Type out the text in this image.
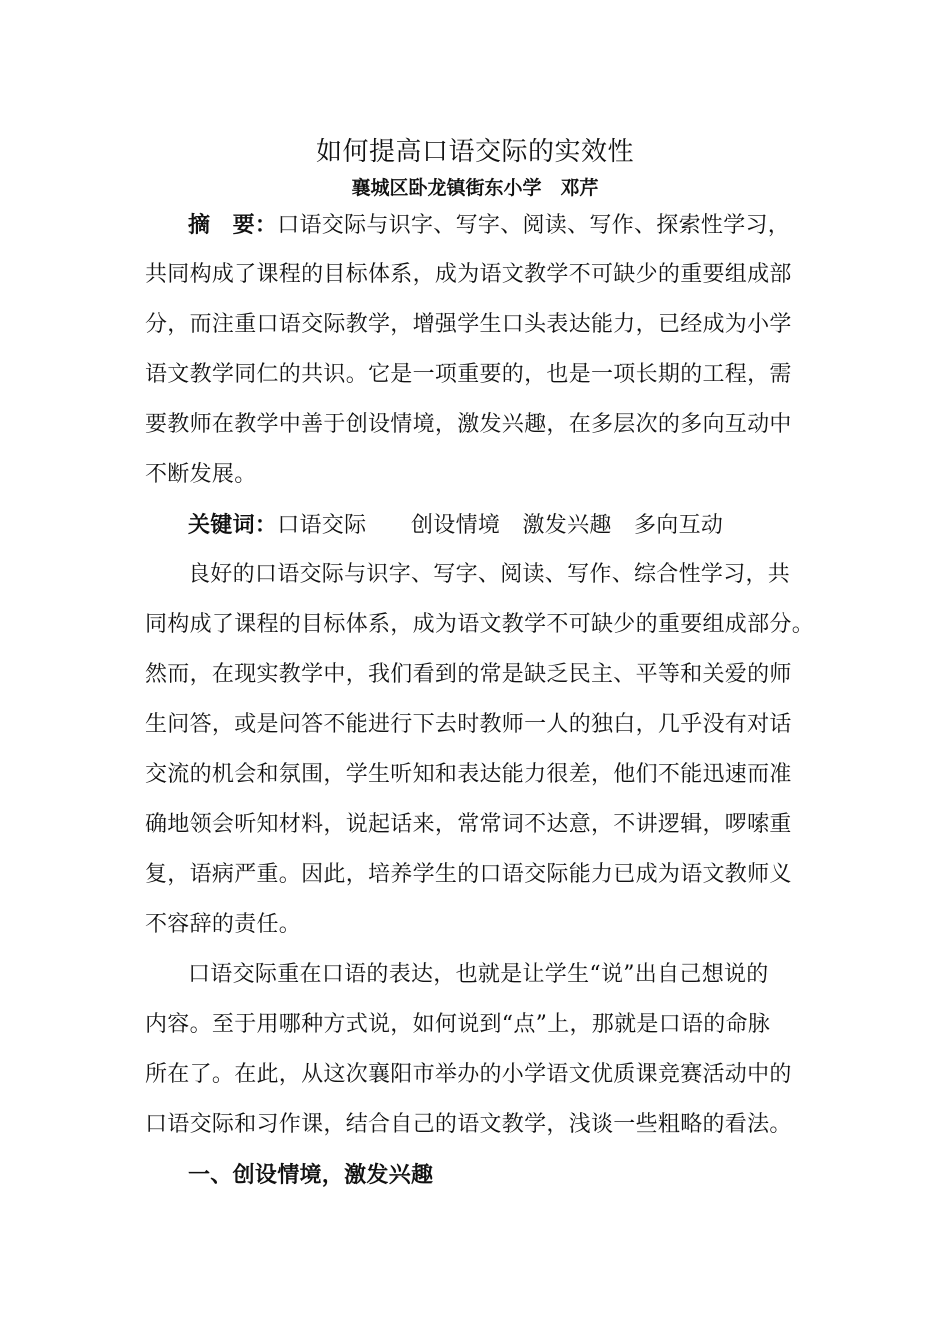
如何提高口语交际的实效性
襄城区卧龙镇街东小学　邓芹
摘　要：口语交际与识字、写字、阅读、写作、探索性学习，
共同构成了课程的目标体系，成为语文教学不可缺少的重要组成部
分，而注重口语交际教学，增强学生口头表达能力，已经成为小学
语文教学同仁的共识。它是一项重要的，也是一项长期的工程，需
要教师在教学中善于创设情境，激发兴趣，在多层次的多向互动中
不断发展。
关键词：口语交际　　创设情境　激发兴趣　多向互动
良好的口语交际与识字、写字、阅读、写作、综合性学习，共
同构成了课程的目标体系，成为语文教学不可缺少的重要组成部分。
然而，在现实教学中，我们看到的常是缺乏民主、平等和关爱的师
生问答，或是问答不能进行下去时教师一人的独白，几乎没有对话
交流的机会和氛围，学生听知和表达能力很差，他们不能迅速而准
确地领会听知材料，说起话来，常常词不达意，不讲逻辑，啰嗦重
复，语病严重。因此，培养学生的口语交际能力已成为语文教师义
不容辞的责任。
口语交际重在口语的表达，也就是让学生“说”出自己想说的
内容。至于用哪种方式说，如何说到“点”上，那就是口语的命脉
所在了。在此，从这次襄阳市举办的小学语文优质课竞赛活动中的
口语交际和习作课，结合自己的语文教学，浅谈一些粗略的看法。
一、创设情境，激发兴趣
